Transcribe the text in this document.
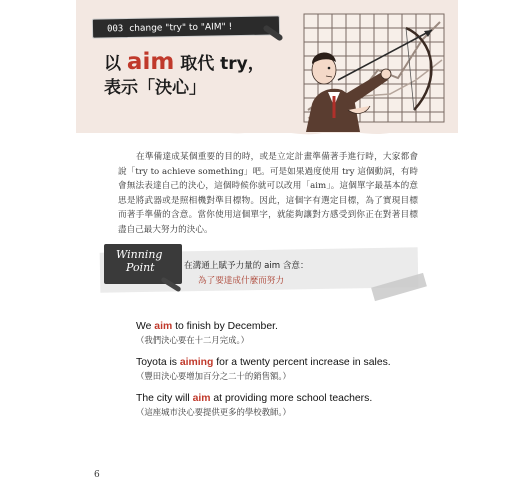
003 change "try" to "AIM" !
以 aim 取代 try，
表示「決心」
在準備達成某個重要的目的時，或是立定計畫準備著手進行時，大家都會說「try to achieve something」吧。可是如果過度使用 try 這個動詞，有時會無法表達自己的決心，這個時候你就可以改用「aim」。這個單字最基本的意思是將武器或是照相機對準目標物。因此，這個字有選定目標，為了實現目標而著手準備的含意。當你使用這個單字，就能夠讓對方感受到你正在對著目標盡自己最大努力的決心。
Winning
Point	在溝通上賦予力量的 aim 含意：
為了要達成什麼而努力
We aim to finish by December.
（我們決心要在十二月完成。）
Toyota is aiming for a twenty percent increase in sales.
（豐田決心要增加百分之二十的銷售額。）
The city will aim at providing more school teachers.
（這座城市決心要提供更多的學校教師。）
6
